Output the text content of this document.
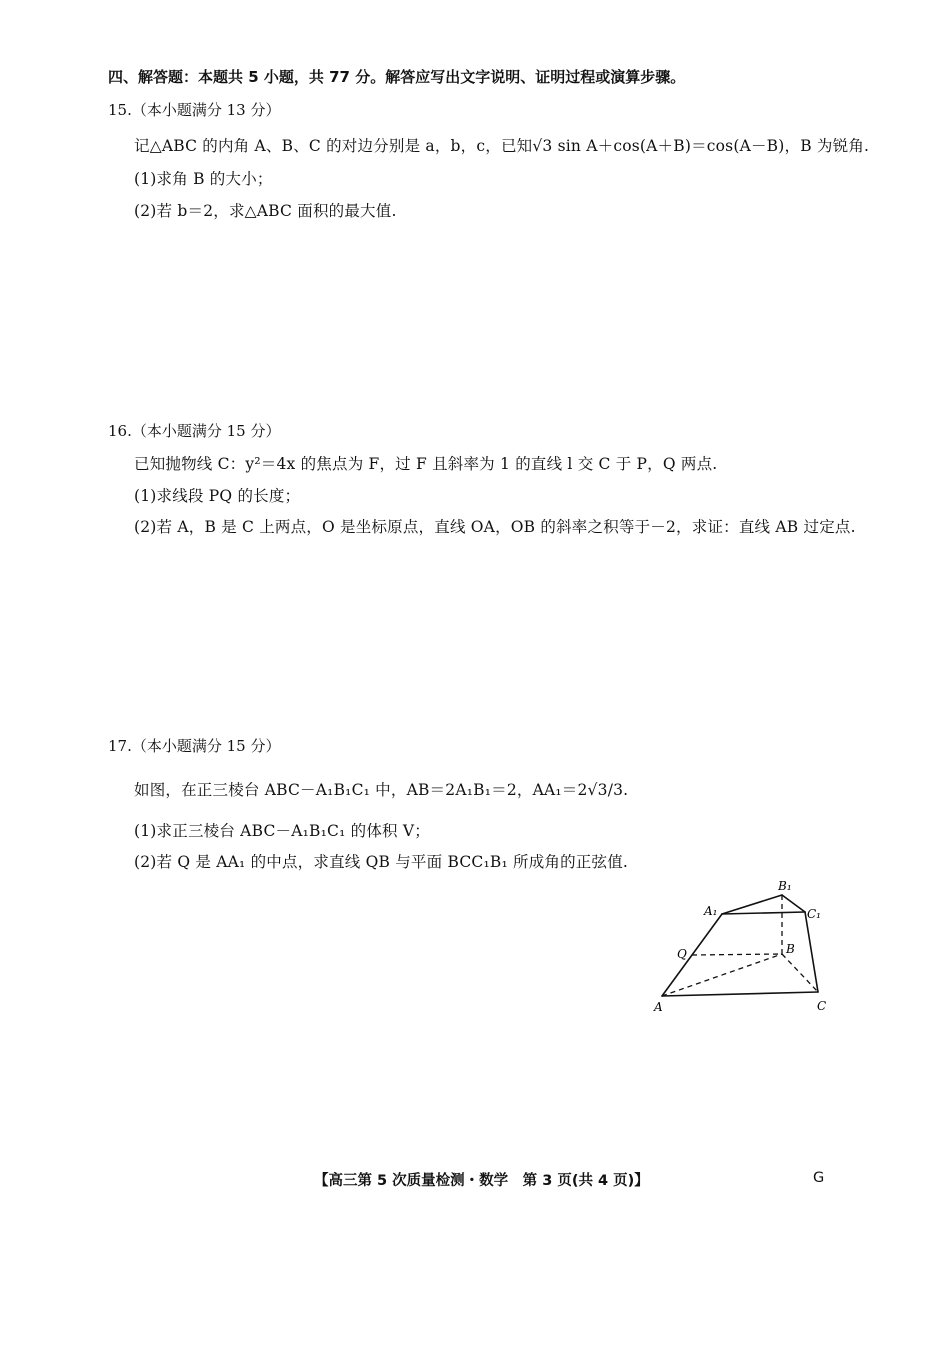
四、解答题：本题共 5 小题，共 77 分。解答应写出文字说明、证明过程或演算步骤。
15.（本小题满分 13 分）
记△ABC 的内角 A、B、C 的对边分别是 a，b，c，已知√3 sin A＋cos(A＋B)＝cos(A－B)，B 为锐角.
(1)求角 B 的大小；
(2)若 b＝2，求△ABC 面积的最大值.
16.（本小题满分 15 分）
已知抛物线 C：y²＝4x 的焦点为 F，过 F 且斜率为 1 的直线 l 交 C 于 P，Q 两点.
(1)求线段 PQ 的长度；
(2)若 A，B 是 C 上两点，O 是坐标原点，直线 OA，OB 的斜率之积等于－2，求证：直线 AB 过定点.
17.（本小题满分 15 分）
如图，在正三棱台 ABC－A₁B₁C₁ 中，AB＝2A₁B₁＝2，AA₁＝2√3/3.
(1)求正三棱台 ABC－A₁B₁C₁ 的体积 V；
(2)若 Q 是 AA₁ 的中点，求直线 QB 与平面 BCC₁B₁ 所成角的正弦值.
A
B
C
A₁
B₁
C₁
Q
【高三第 5 次质量检测・数学　第 3 页(共 4 页)】	G
